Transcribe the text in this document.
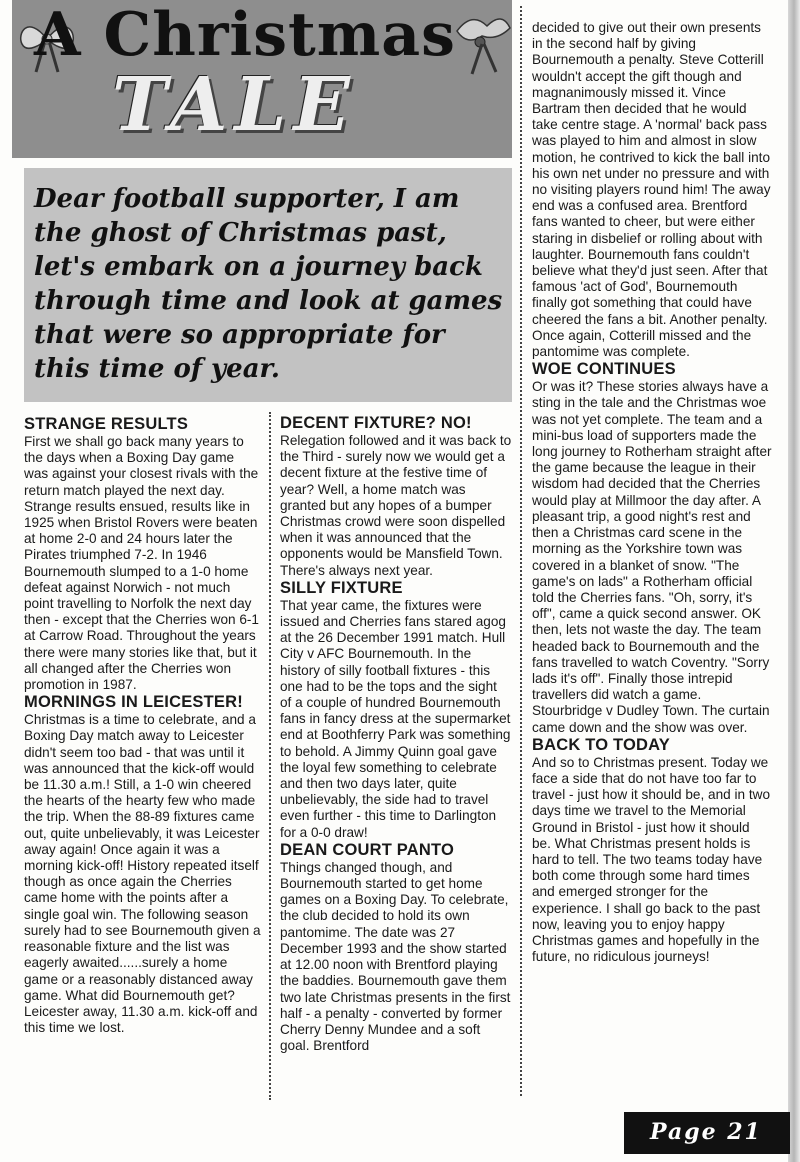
A Christmas
TALE

Dear football supporter, I am the ghost of Christmas past, let's embark on a journey back through time and look at games that were so appropriate for this time of year.

STRANGE RESULTS

First we shall go back many years to the days when a Boxing Day game was against your closest rivals with the return match played the next day. Strange results ensued, results like in 1925 when Bristol Rovers were beaten at home 2-0 and 24 hours later the Pirates triumphed 7-2. In 1946 Bournemouth slumped to a 1-0 home defeat against Norwich - not much point travelling to Norfolk the next day then - except that the Cherries won 6-1 at Carrow Road. Throughout the years there were many stories like that, but it all changed after the Cherries won promotion in 1987.

MORNINGS IN LEICESTER!

Christmas is a time to celebrate, and a Boxing Day match away to Leicester didn't seem too bad - that was until it was announced that the kick-off would be 11.30 a.m.! Still, a 1-0 win cheered the hearts of the hearty few who made the trip. When the 88-89 fixtures came out, quite unbelievably, it was Leicester away again! Once again it was a morning kick-off! History repeated itself though as once again the Cherries came home with the points after a single goal win. The following season surely had to see Bournemouth given a reasonable fixture and the list was eagerly awaited......surely a home game or a reasonably distanced away game. What did Bournemouth get? Leicester away, 11.30 a.m. kick-off and this time we lost.

DECENT FIXTURE? NO!

Relegation followed and it was back to the Third - surely now we would get a decent fixture at the festive time of year? Well, a home match was granted but any hopes of a bumper Christmas crowd were soon dispelled when it was announced that the opponents would be Mansfield Town. There's always next year.

SILLY FIXTURE

That year came, the fixtures were issued and Cherries fans stared agog at the 26 December 1991 match. Hull City v AFC Bournemouth. In the history of silly football fixtures - this one had to be the tops and the sight of a couple of hundred Bournemouth fans in fancy dress at the supermarket end at Boothferry Park was something to behold. A Jimmy Quinn goal gave the loyal few something to celebrate and then two days later, quite unbelievably, the side had to travel even further - this time to Darlington for a 0-0 draw!

DEAN COURT PANTO

Things changed though, and Bournemouth started to get home games on a Boxing Day. To celebrate, the club decided to hold its own pantomime. The date was 27 December 1993 and the show started at 12.00 noon with Brentford playing the baddies. Bournemouth gave them two late Christmas presents in the first half - a penalty - converted by former Cherry Denny Mundee and a soft goal. Brentford

decided to give out their own presents in the second half by giving Bournemouth a penalty. Steve Cotterill wouldn't accept the gift though and magnanimously missed it. Vince Bartram then decided that he would take centre stage. A 'normal' back pass was played to him and almost in slow motion, he contrived to kick the ball into his own net under no pressure and with no visiting players round him! The away end was a confused area. Brentford fans wanted to cheer, but were either staring in disbelief or rolling about with laughter. Bournemouth fans couldn't believe what they'd just seen. After that famous 'act of God', Bournemouth finally got something that could have cheered the fans a bit. Another penalty. Once again, Cotterill missed and the pantomime was complete.

WOE CONTINUES

Or was it? These stories always have a sting in the tale and the Christmas woe was not yet complete. The team and a mini-bus load of supporters made the long journey to Rotherham straight after the game because the league in their wisdom had decided that the Cherries would play at Millmoor the day after. A pleasant trip, a good night's rest and then a Christmas card scene in the morning as the Yorkshire town was covered in a blanket of snow. "The game's on lads" a Rotherham official told the Cherries fans. "Oh, sorry, it's off", came a quick second answer. OK then, lets not waste the day. The team headed back to Bournemouth and the fans travelled to watch Coventry. "Sorry lads it's off". Finally those intrepid travellers did watch a game. Stourbridge v Dudley Town. The curtain came down and the show was over.

BACK TO TODAY

And so to Christmas present. Today we face a side that do not have too far to travel - just how it should be, and in two days time we travel to the Memorial Ground in Bristol - just how it should be. What Christmas present holds is hard to tell. The two teams today have both come through some hard times and emerged stronger for the experience. I shall go back to the past now, leaving you to enjoy happy Christmas games and hopefully in the future, no ridiculous journeys!

Page 21
